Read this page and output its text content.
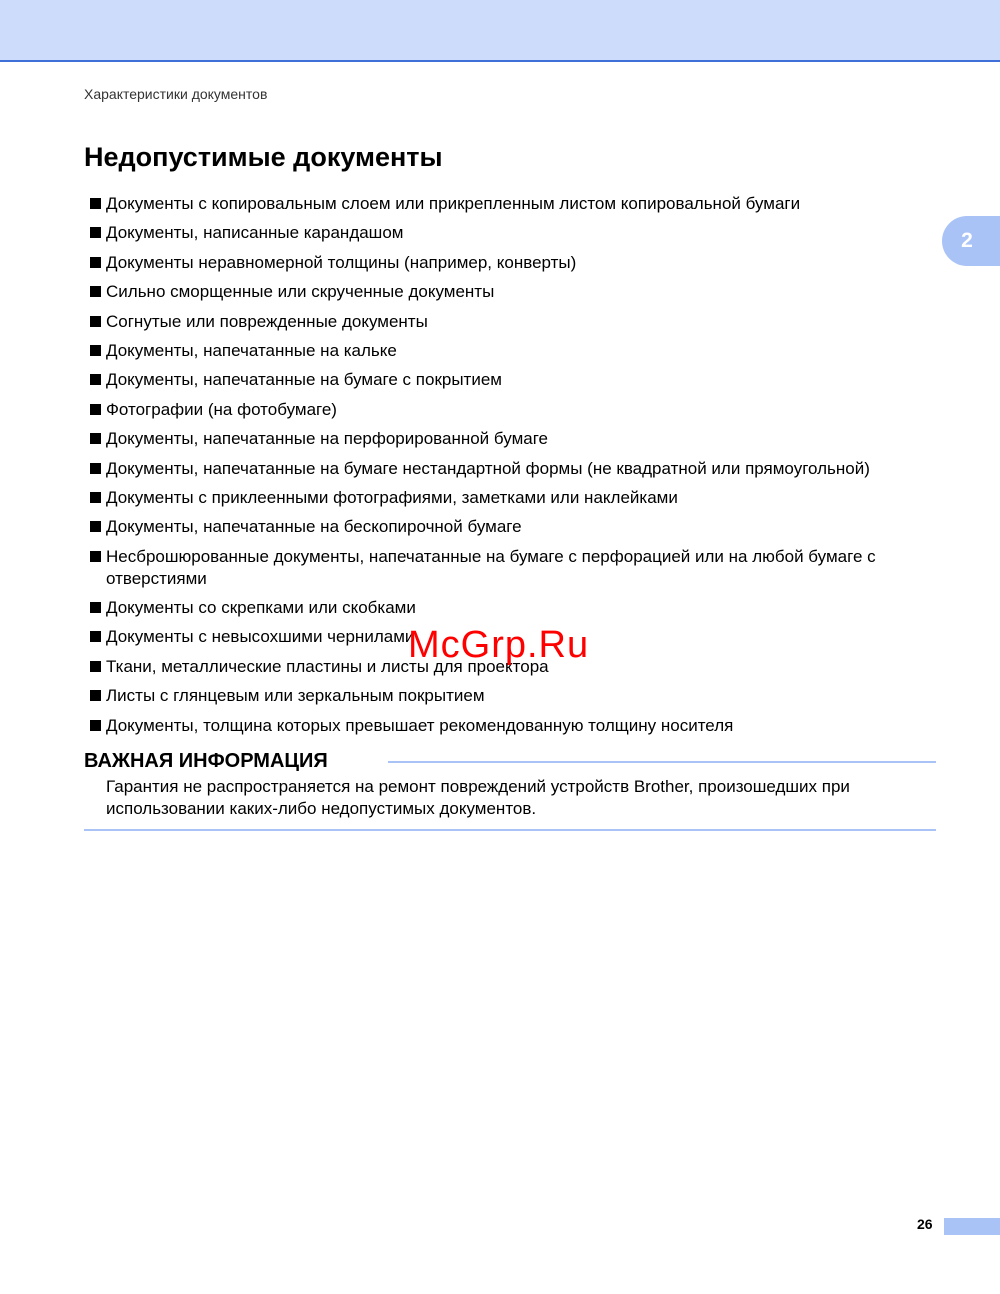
Характеристики документов
2
Недопустимые документы
Документы с копировальным слоем или прикрепленным листом копировальной бумаги
Документы, написанные карандашом
Документы неравномерной толщины (например, конверты)
Сильно сморщенные или скрученные документы
Согнутые или поврежденные документы
Документы, напечатанные на кальке
Документы, напечатанные на бумаге с покрытием
Фотографии (на фотобумаге)
Документы, напечатанные на перфорированной бумаге
Документы, напечатанные на бумаге нестандартной формы (не квадратной или прямоугольной)
Документы с приклеенными фотографиями, заметками или наклейками
Документы, напечатанные на бескопирочной бумаге
Несброшюрованные документы, напечатанные на бумаге с перфорацией или на любой бумаге с отверстиями
Документы со скрепками или скобками
Документы с невысохшими чернилами
Ткани, металлические пластины и листы для проектора
Листы с глянцевым или зеркальным покрытием
Документы, толщина которых превышает рекомендованную толщину носителя
ВАЖНАЯ ИНФОРМАЦИЯ

Гарантия не распространяется на ремонт повреждений устройств Brother, произошедших при использовании каких-либо недопустимых документов.

McGrp.Ru
26
